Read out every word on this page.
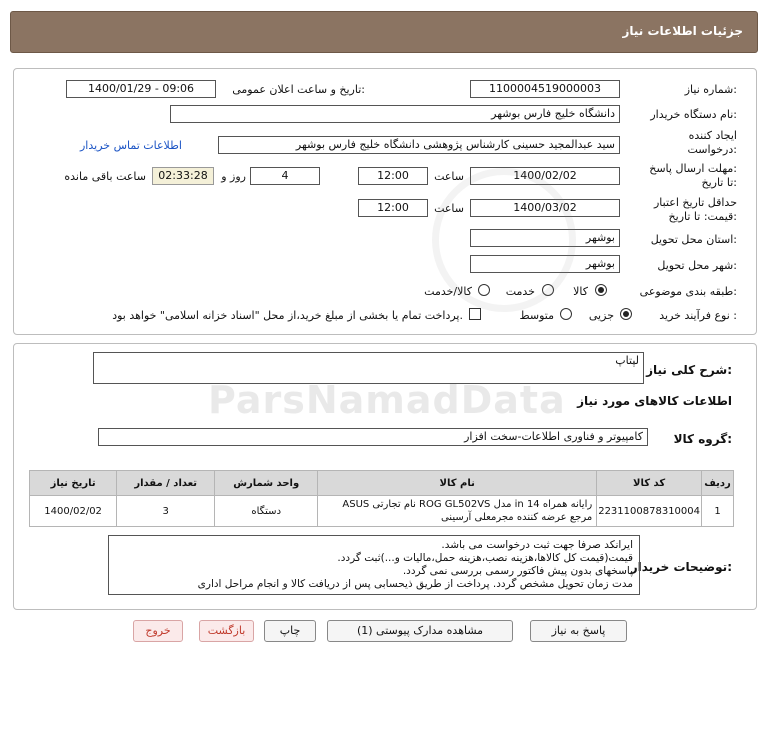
جزئیات اطلاعات نیاز
شماره نیاز:
1100004519000003
تاریخ و ساعت اعلان عمومی:
1400/01/29 - 09:06
نام دستگاه خریدار:
دانشگاه خلیج فارس بوشهر
ایجاد کننده
درخواست:
سید عبدالمجید حسینی کارشناس پژوهشی دانشگاه خلیج فارس بوشهر
اطلاعات تماس خریدار
مهلت ارسال پاسخ:
تا تاریخ:
1400/02/02
ساعت
12:00
4
روز و
02:33:28
ساعت باقی مانده
حداقل تاریخ اعتبار
قیمت: تا تاریخ:
1400/03/02
ساعت
12:00
استان محل تحویل:
بوشهر
شهر محل تحویل:
بوشهر
طبقه بندی موضوعی:
کالا
خدمت
کالا/خدمت
نوع فرآیند خرید :
جزیی
متوسط
پرداخت تمام یا بخشی از مبلغ خرید،از محل "اسناد خزانه اسلامی" خواهد بود.
شرح کلی نیاز:
لپتاپ
اطلاعات کالاهای مورد نیاز
گروه کالا:
کامپیوتر و فناوری اطلاعات-سخت افزار
ردیف	کد کالا	نام کالا	واحد شمارش	تعداد / مقدار	تاریخ نیاز
1	2231100878310004	رایانه همراه 14 in مدل ROG GL502VS نام تجارتی ASUS
مرجع عرضه کننده مجرمعلی آرسینی	دستگاه	3	1400/02/02
توضیحات خریدار:
ایرانکد صرفا جهت ثبت درخواست می باشد.
قیمت(قیمت کل کالاها،هزینه نصب،هزینه حمل،مالیات و...)ثبت گردد.
پاسخهای بدون پیش فاکتور رسمی بررسی نمی گردد.
مدت زمان تحویل مشخص گردد. پرداخت از طریق ذیحسابی پس از دریافت کالا و انجام مراحل اداری
پاسخ به نیاز
مشاهده مدارک پیوستی (1)
چاپ
بازگشت
خروج
